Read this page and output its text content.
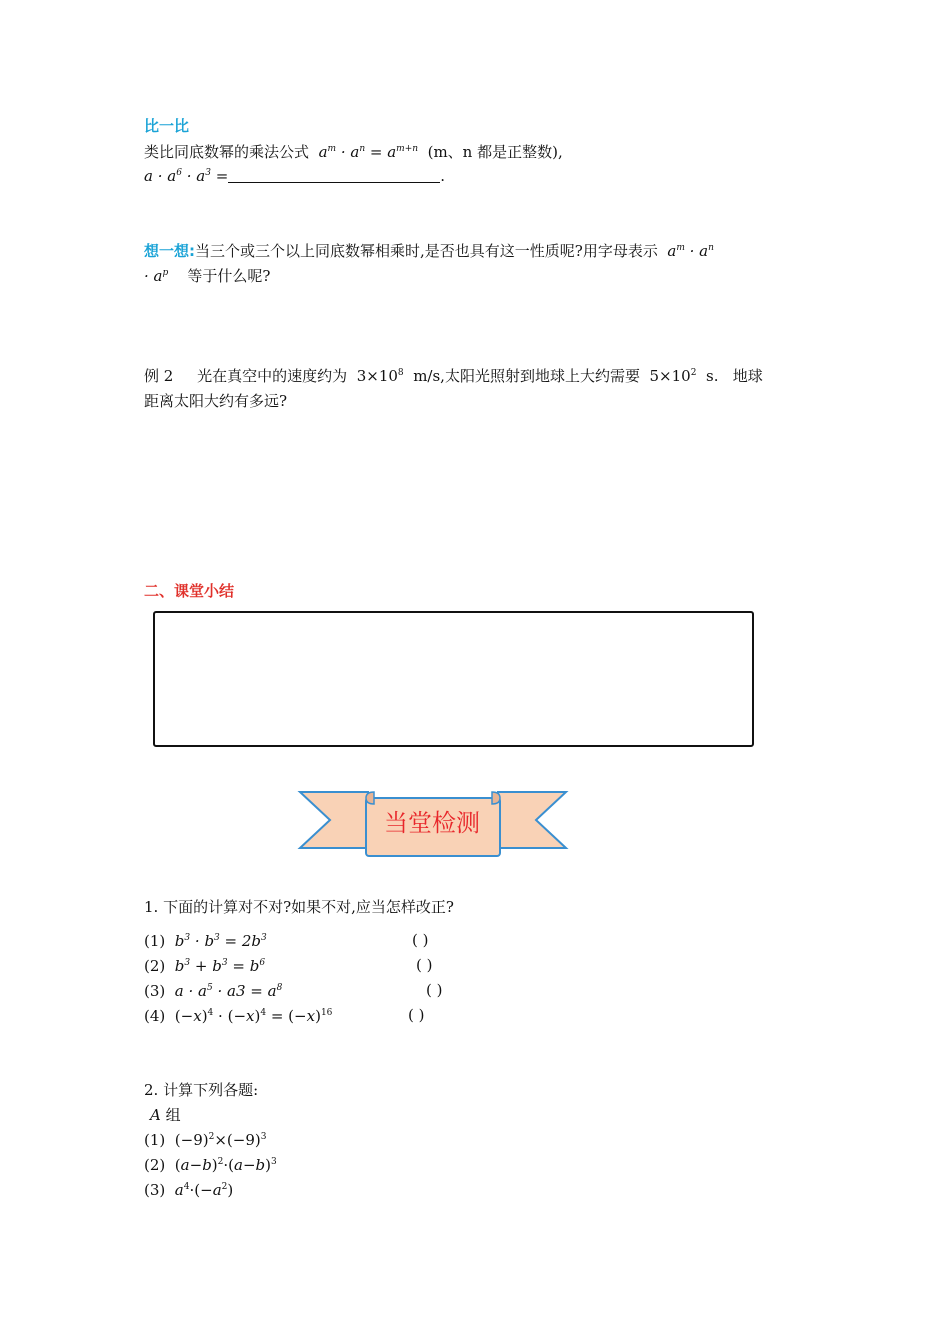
比一比
类比同底数幂的乘法公式 $a^m \cdot a^n = a^{m+n}$ (m、n 都是正整数),
$a \cdot a^6 \cdot a^3$ =	.
想一想:当三个或三个以上同底数幂相乘时,是否也具有这一性质呢?用字母表示 $a^m \cdot a^n$
· $a^p$ 等于什么呢?
例 2 光在真空中的速度约为 $3\times 10^8$ m/s,太阳光照射到地球上大约需要 $5\times 10^2$ s. 地球
距离太阳大约有多远?
二、课堂小结
当堂检测
1. 下面的计算对不对?如果不对,应当怎样改正?
(1) $b^3 \cdot b^3 = 2b^3$	( )
(2) $b^3 + b^3 = b^6$	( )
(3) $a \cdot a^5 \cdot a3 = a^8$	( )
(4) $(-x)^4 \cdot (-x)^4 = (-x)^{16}$	( )
2. 计算下列各题:
A 组
(1) $(-9)^2\times(-9)^3$
(2) $(a-b)^2\cdot(a-b)^3$
(3) $a^4\cdot(-a^2)$
